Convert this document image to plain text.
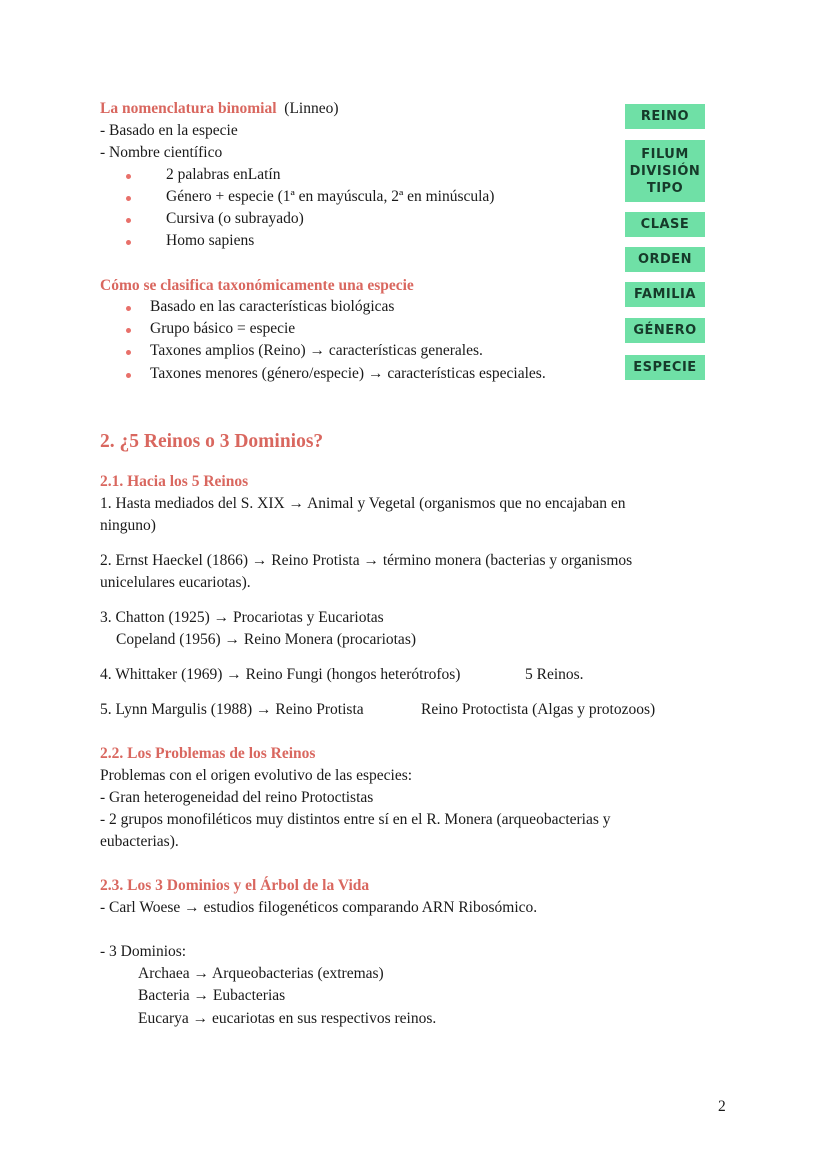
La nomenclatura binomial (Linneo)
- Basado en la especie
- Nombre científico
2 palabras enLatín
Género + especie (1ª en mayúscula, 2ª en minúscula)
Cursiva (o subrayado)
Homo sapiens
Cómo se clasifica taxonómicamente una especie
Basado en las características biológicas
Grupo básico = especie
Taxones amplios (Reino) → características generales.
Taxones menores (género/especie) → características especiales.
REINO
FILUM
DIVISIÓN
TIPO
CLASE
ORDEN
FAMILIA
GÉNERO
ESPECIE
2. ¿5 Reinos o 3 Dominios?
2.1. Hacia los 5 Reinos
1. Hasta mediados del S. XIX → Animal y Vegetal (organismos que no encajaban en
ninguno)
2. Ernst Haeckel (1866) → Reino Protista → término monera (bacterias y organismos
unicelulares eucariotas).
3. Chatton (1925) → Procariotas y Eucariotas
Copeland (1956) → Reino Monera (procariotas)
4. Whittaker (1969) → Reino Fungi (hongos heterótrofos)	5 Reinos.
5. Lynn Margulis (1988) → Reino Protista	Reino Protoctista (Algas y protozoos)
2.2. Los Problemas de los Reinos
Problemas con el origen evolutivo de las especies:
- Gran heterogeneidad del reino Protoctistas
- 2 grupos monofiléticos muy distintos entre sí en el R. Monera (arqueobacterias y
eubacterias).
2.3. Los 3 Dominios y el Árbol de la Vida
- Carl Woese → estudios filogenéticos comparando ARN Ribosómico.
- 3 Dominios:
Archaea → Arqueobacterias (extremas)
Bacteria → Eubacterias
Eucarya → eucariotas en sus respectivos reinos.
2
